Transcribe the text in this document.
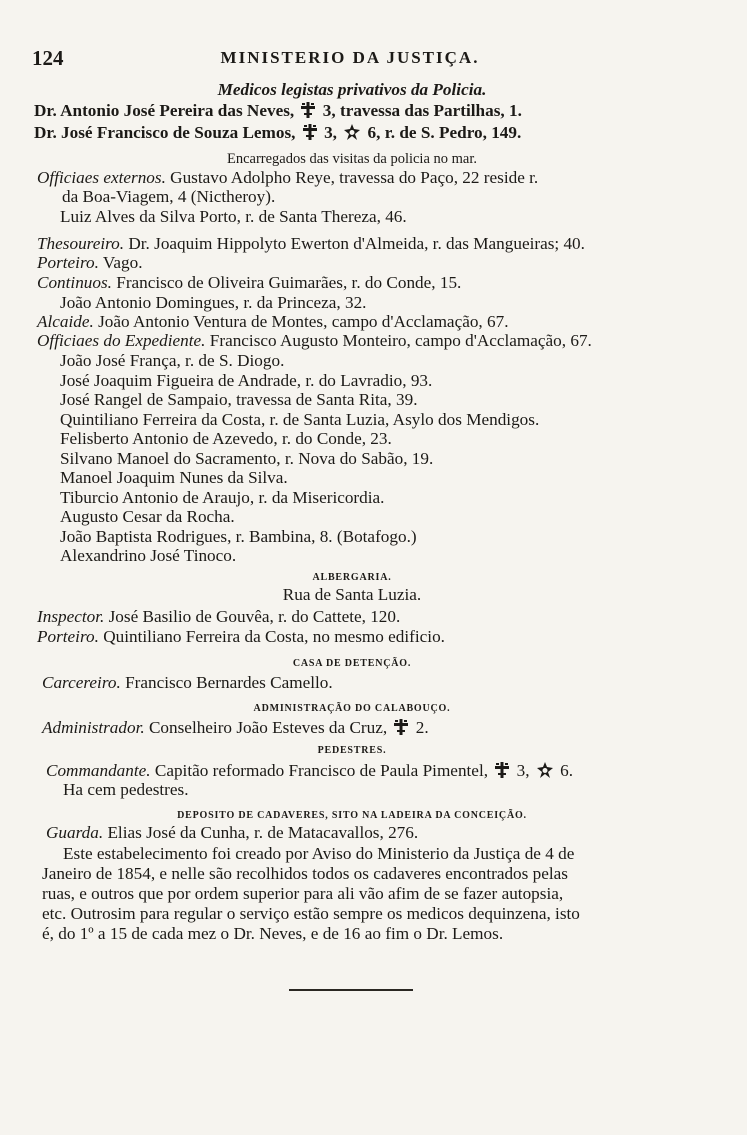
124	MINISTERIO DA JUSTIÇA.
Medicos legistas privativos da Policia.
Dr. Antonio José Pereira das Neves, 3, travessa das Partilhas, 1.
Dr. José Francisco de Souza Lemos, 3, 6, r. de S. Pedro, 149.
Encarregados das visitas da policia no mar.
Officiaes externos. Gustavo Adolpho Reye, travessa do Paço, 22 reside r.
da Boa-Viagem, 4 (Nictheroy).
Luiz Alves da Silva Porto, r. de Santa Thereza, 46.
Thesoureiro. Dr. Joaquim Hippolyto Ewerton d'Almeida, r. das Mangueiras; 40.
Porteiro. Vago.
Continuos. Francisco de Oliveira Guimarães, r. do Conde, 15.
João Antonio Domingues, r. da Princeza, 32.
Alcaide. João Antonio Ventura de Montes, campo d'Acclamação, 67.
Officiaes do Expediente. Francisco Augusto Monteiro, campo d'Acclamação, 67.
João José França, r. de S. Diogo.
José Joaquim Figueira de Andrade, r. do Lavradio, 93.
José Rangel de Sampaio, travessa de Santa Rita, 39.
Quintiliano Ferreira da Costa, r. de Santa Luzia, Asylo dos Mendigos.
Felisberto Antonio de Azevedo, r. do Conde, 23.
Silvano Manoel do Sacramento, r. Nova do Sabão, 19.
Manoel Joaquim Nunes da Silva.
Tiburcio Antonio de Araujo, r. da Misericordia.
Augusto Cesar da Rocha.
João Baptista Rodrigues, r. Bambina, 8. (Botafogo.)
Alexandrino José Tinoco.
ALBERGARIA.
Rua de Santa Luzia.
Inspector. José Basilio de Gouvêa, r. do Cattete, 120.
Porteiro. Quintiliano Ferreira da Costa, no mesmo edificio.
CASA DE DETENÇÃO.
Carcereiro. Francisco Bernardes Camello.
ADMINISTRAÇÃO DO CALABOUÇO.
Administrador. Conselheiro João Esteves da Cruz, 2.
PEDESTRES.
Commandante. Capitão reformado Francisco de Paula Pimentel, 3, 6.
Ha cem pedestres.
DEPOSITO DE CADAVERES, SITO NA LADEIRA DA CONCEIÇÃO.
Guarda. Elias José da Cunha, r. de Matacavallos, 276.
Este estabelecimento foi creado por Aviso do Ministerio da Justiça de 4 de
Janeiro de 1854, e nelle são recolhidos todos os cadaveres encontrados pelas
ruas, e outros que por ordem superior para ali vão afim de se fazer autopsia,
etc. Outrosim para regular o serviço estão sempre os medicos dequinzena, isto
é, do 1º a 15 de cada mez o Dr. Neves, e de 16 ao fim o Dr. Lemos.
